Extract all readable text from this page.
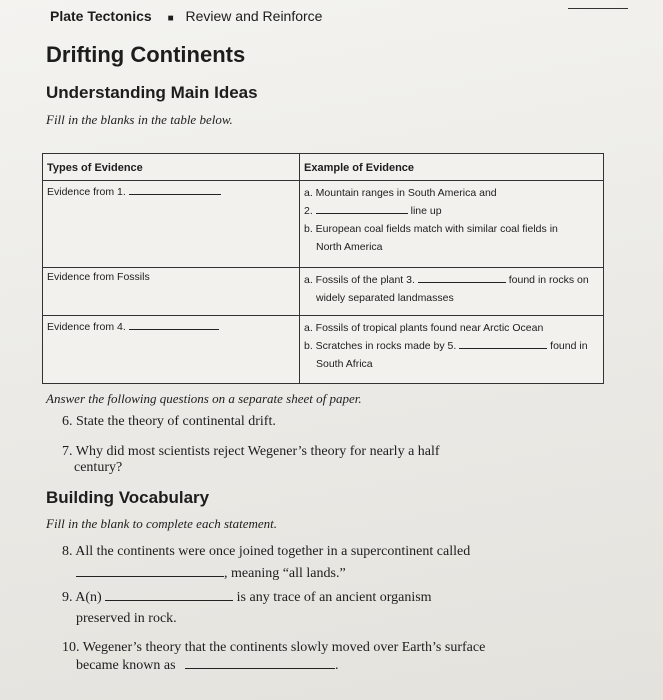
Plate Tectonics ■ Review and Reinforce
Drifting Continents
Understanding Main Ideas
Fill in the blanks in the table below.
Types of Evidence	Example of Evidence
Evidence from 1.	a. Mountain ranges in South America and
2. line up
b. European coal fields match with similar coal fields in
North America

Evidence from Fossils	a. Fossils of the plant 3. found in rocks on
widely separated landmasses

Evidence from 4.	a. Fossils of tropical plants found near Arctic Ocean
b. Scratches in rocks made by 5. found in
South Africa
Answer the following questions on a separate sheet of paper.
6. State the theory of continental drift.
7. Why did most scientists reject Wegener’s theory for nearly a half
century?
Building Vocabulary
Fill in the blank to complete each statement.
8. All the continents were once joined together in a supercontinent called
, meaning “all lands.”
9. A(n)	is any trace of an ancient organism
preserved in rock.
10. Wegener’s theory that the continents slowly moved over Earth’s surface
became known as	.
